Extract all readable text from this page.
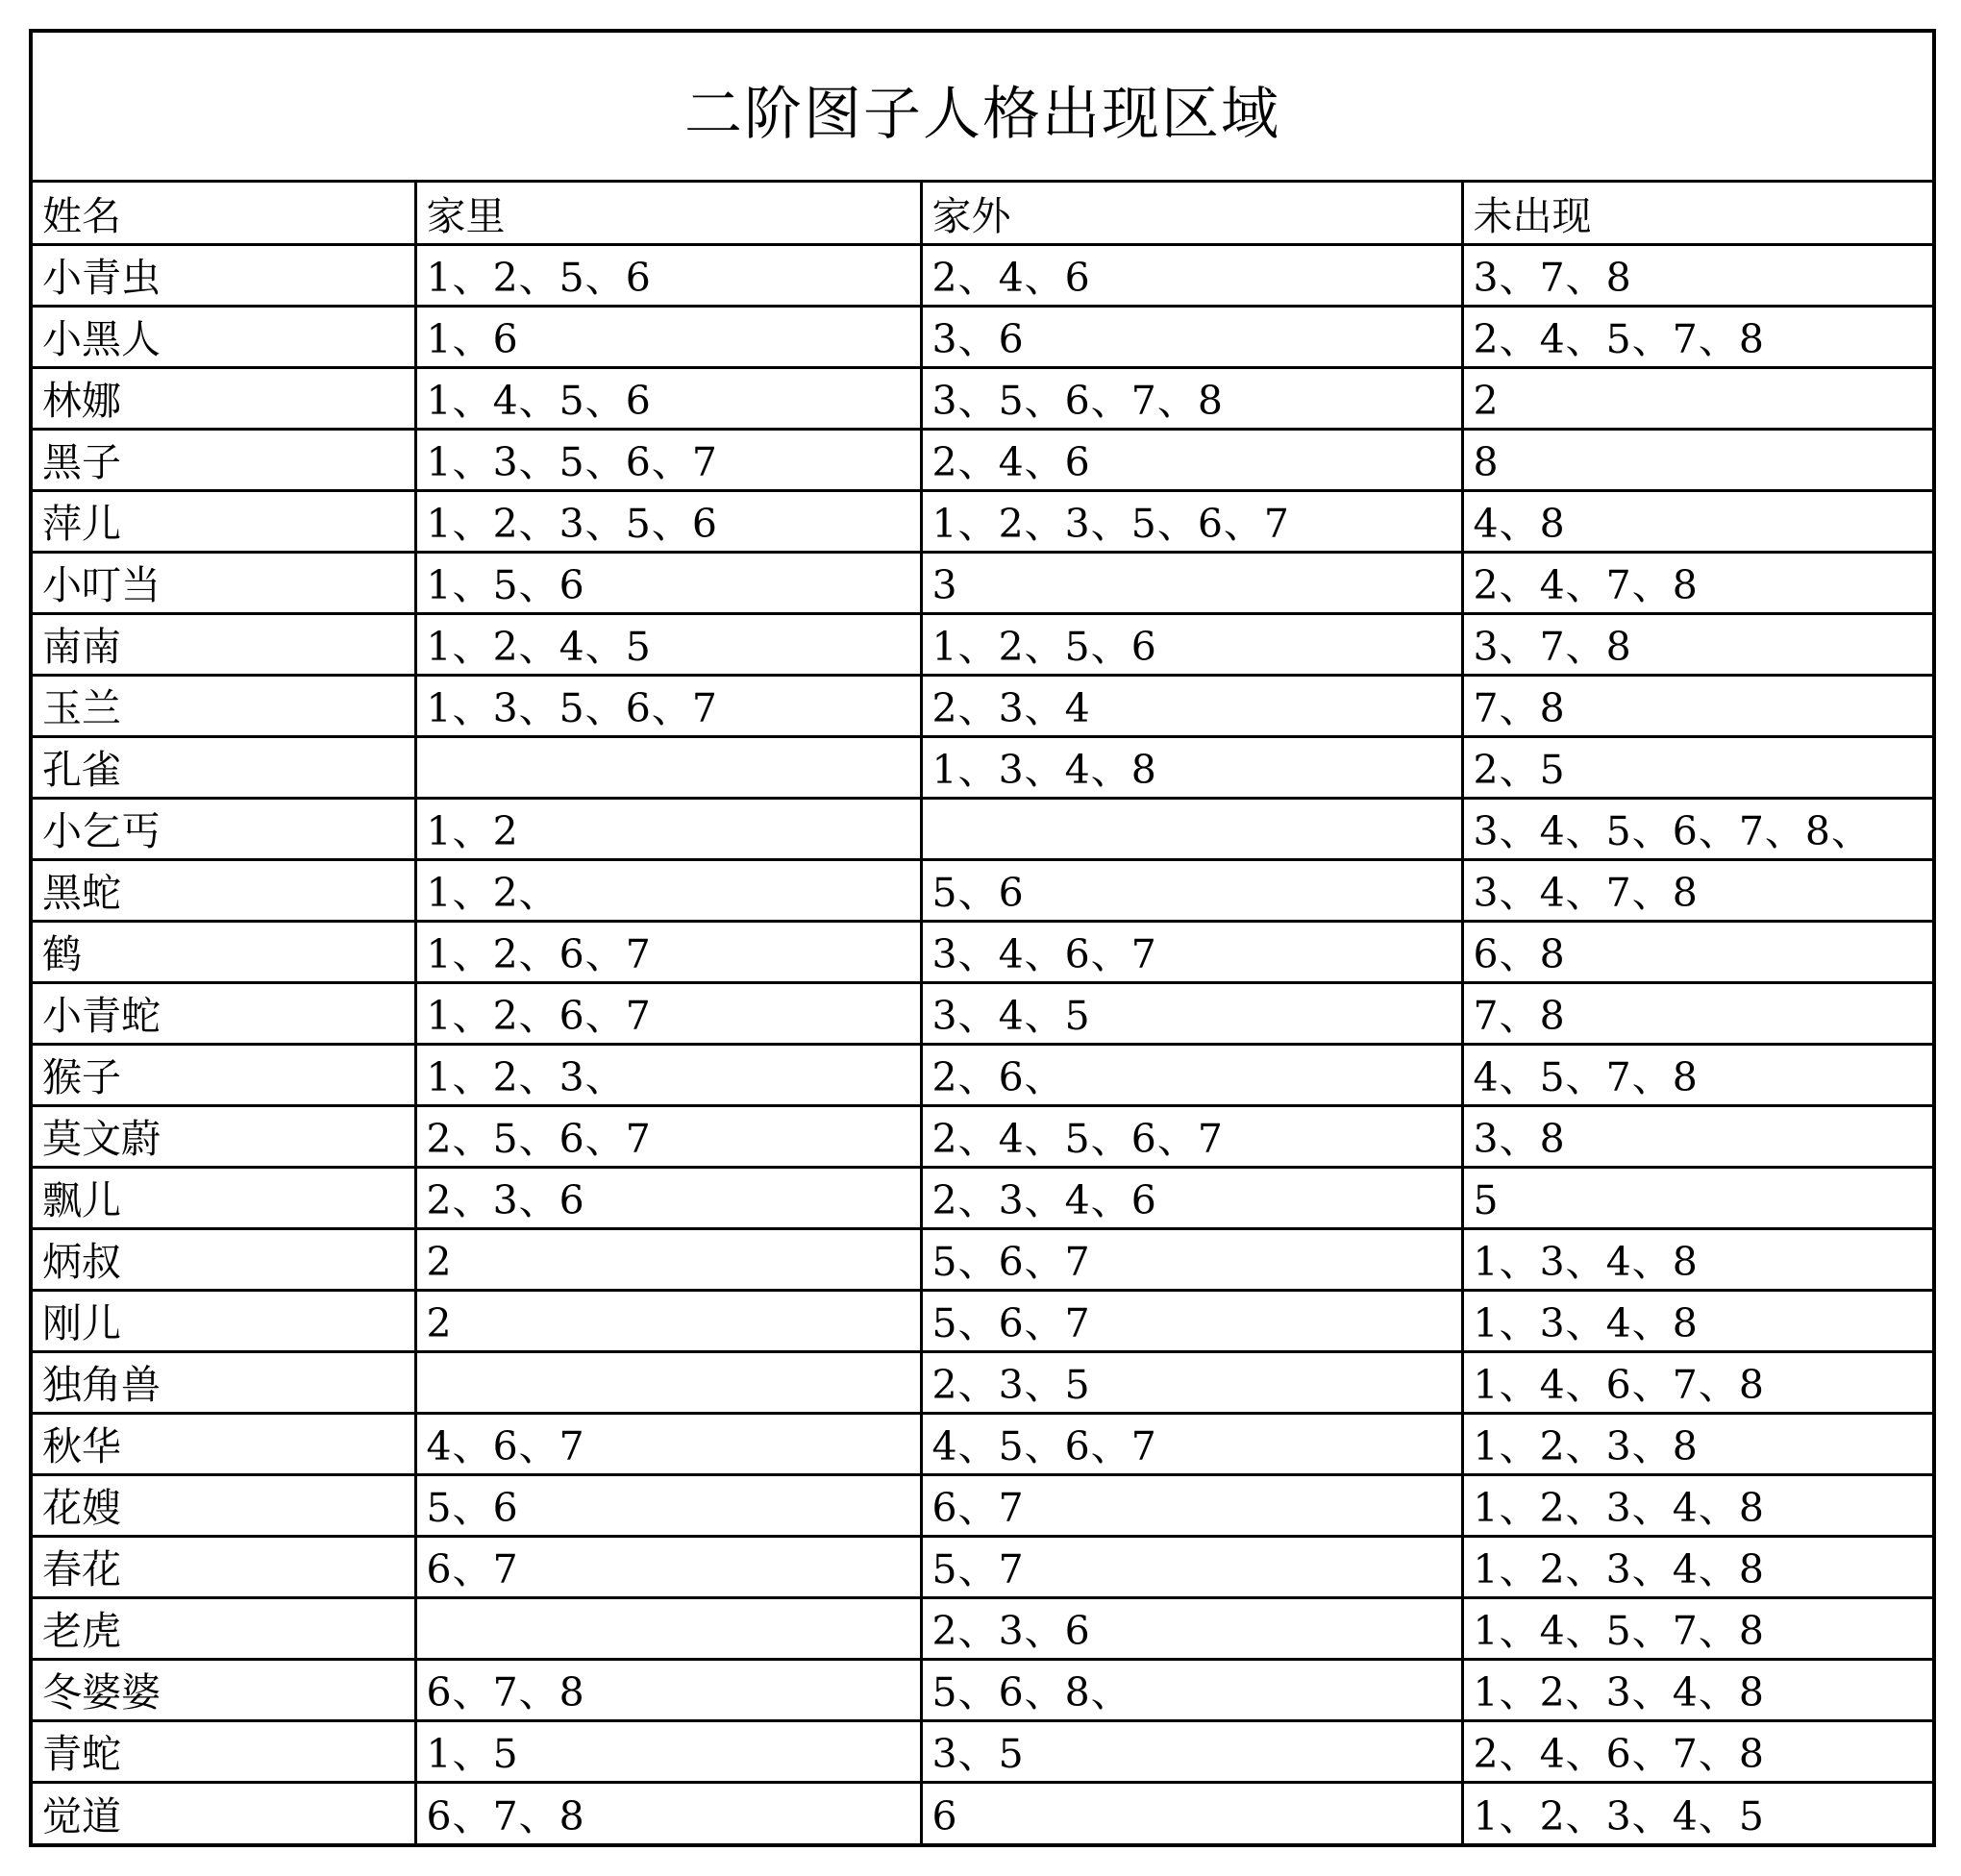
二阶图子人格出现区域
姓名	家里	家外	未出现
小青虫	1、2、5、6	2、4、6	3、7、8
小黑人	1、6	3、6	2、4、5、7、8
林娜	1、4、5、6	3、5、6、7、8	2
黑子	1、3、5、6、7	2、4、6	8
萍儿	1、2、3、5、6	1、2、3、5、6、7	4、8
小叮当	1、5、6	3	2、4、7、8
南南	1、2、4、5	1、2、5、6	3、7、8
玉兰	1、3、5、6、7	2、3、4	7、8
孔雀		1、3、4、8	2、5
小乞丐	1、2		3、4、5、6、7、8、
黑蛇	1、2、	5、6	3、4、7、8
鹤	1、2、6、7	3、4、6、7	6、8
小青蛇	1、2、6、7	3、4、5	7、8
猴子	1、2、3、	2、6、	4、5、7、8
莫文蔚	2、5、6、7	2、4、5、6、7	3、8
飘儿	2、3、6	2、3、4、6	5
炳叔	2	5、6、7	1、3、4、8
刚儿	2	5、6、7	1、3、4、8
独角兽		2、3、5	1、4、6、7、8
秋华	4、6、7	4、5、6、7	1、2、3、8
花嫂	5、6	6、7	1、2、3、4、8
春花	6、7	5、7	1、2、3、4、8
老虎		2、3、6	1、4、5、7、8
冬婆婆	6、7、8	5、6、8、	1、2、3、4、8
青蛇	1、5	3、5	2、4、6、7、8
觉道	6、7、8	6	1、2、3、4、5
